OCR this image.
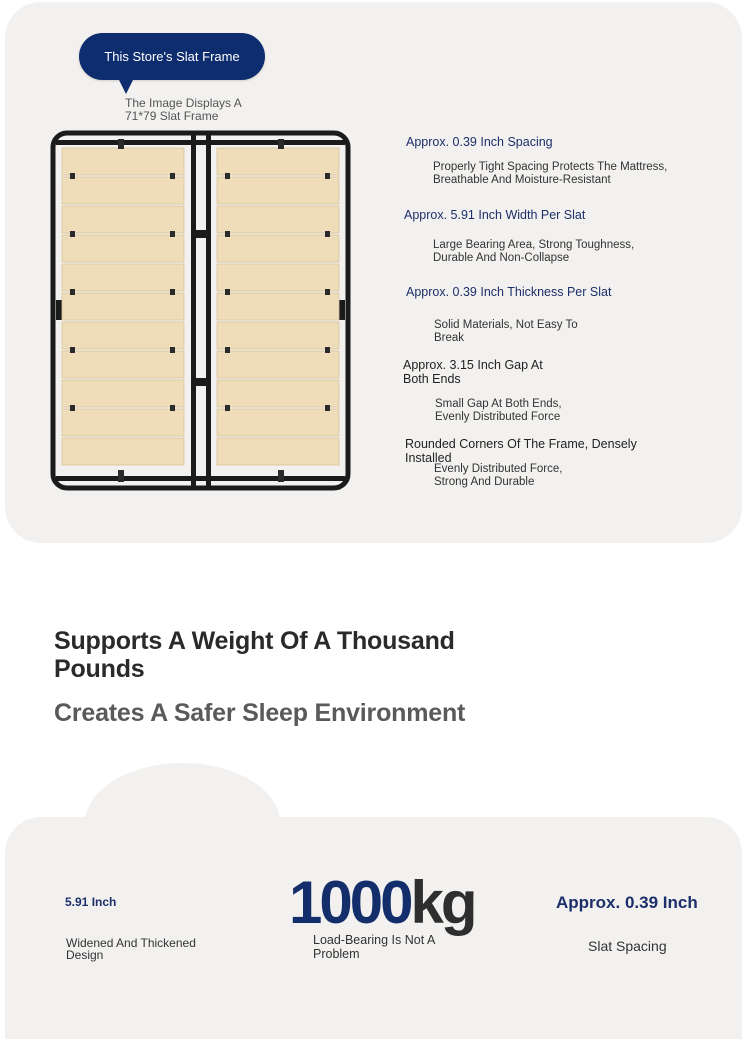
This Store's Slat Frame
The Image Displays A 71*79 Slat Frame
Approx. 0.39 Inch Spacing
Properly Tight Spacing Protects The Mattress, Breathable And Moisture-Resistant
Approx. 5.91 Inch Width Per Slat
Large Bearing Area, Strong Toughness, Durable And Non-Collapse
Approx. 0.39 Inch Thickness Per Slat
Solid Materials, Not Easy To Break
Approx. 3.15 Inch Gap At Both Ends
Small Gap At Both Ends, Evenly Distributed Force
Rounded Corners Of The Frame, Densely Installed
Evenly Distributed Force, Strong And Durable
Supports A Weight Of A Thousand Pounds
Creates A Safer Sleep Environment
5.91 Inch
Widened And Thickened Design
1000kg
Load-Bearing Is Not A Problem
Approx. 0.39 Inch
Slat Spacing
